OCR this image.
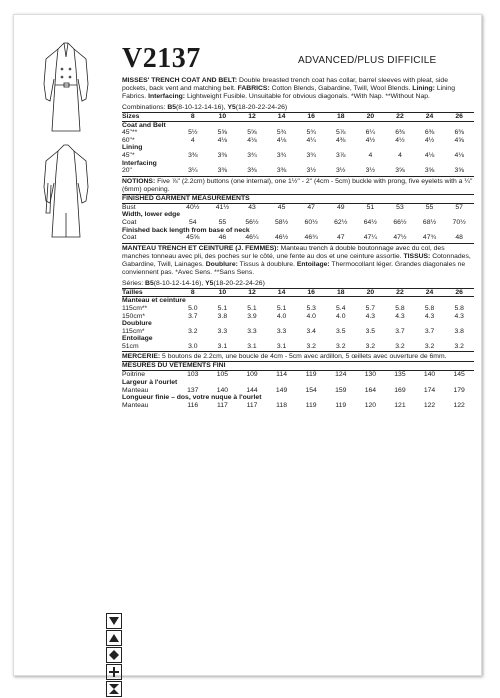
V2137	ADVANCED/PLUS DIFFICILE

MISSES' TRENCH COAT AND BELT: Double breasted trench coat has collar, barrel sleeves with pleat, side pockets, back vent and matching belt. FABRICS: Cotton Blends, Gabardine, Twill, Wool Blends. Lining: Lining Fabrics. Interfacing: Lightweight Fusible. Unsuitable for obvious diagonals. *With Nap. **Without Nap.

Combinations: B5(8-10-12-14-16), Y5(18-20-22-24-26)

Sizes	8	10	12	14	16	18	20	22	24	26
Coat and Belt										
45"**	5½	5⅝	5⅝	5¾	5¾	5⅞	6¼	6⅜	6⅜	6⅜
60"*	4	4⅛	4⅛	4⅛	4¼	4⅜	4½	4½	4½	4⅝
Lining										
45"*	3⅜	3⅜	3¾	3¾	3¾	3⅞	4	4	4⅛	4⅛
Interfacing										
20"	3¼	3⅜	3⅜	3⅜	3½	3½	3½	3⅝	3⅝	3⅝

NOTIONS: Five ⅞" (2.2cm) buttons (one internal), one 1½" - 2" (4cm - 5cm) buckle with prong, five eyelets with a ¼" (6mm) opening.

FINISHED GARMENT MEASUREMENTS
Bust	40½	41½	43	45	47	49	51	53	55	57
Width, lower edge										
Coat	54	55	56½	58½	60½	62½	64½	66½	68½	70½
Finished back length from base of neck										
Coat	45⅝	46	46¼	46½	46¾	47	47¼	47½	47¾	48

MANTEAU TRENCH ET CEINTURE (J. FEMMES): Manteau trench à double boutonnage avec du col, des manches tonneau avec pli, des poches sur le côté, une fente au dos et une ceinture assortie. TISSUS: Cotonnades, Gabardine, Twill, Lainages. Doublure: Tissus à doublure. Entoilage: Thermocollant léger. Grandes diagonales ne conviennent pas. *Avec Sens. **Sans Sens.

Séries: B5(8-10-12-14-16), Y5(18-20-22-24-26)

Tailles	8	10	12	14	16	18	20	22	24	26
Manteau et ceinture										
115cm**	5.0	5.1	5.1	5.1	5.3	5.4	5.7	5.8	5.8	5.8
150cm*	3.7	3.8	3.9	4.0	4.0	4.0	4.3	4.3	4.3	4.3
Doublure										
115cm*	3.2	3.3	3.3	3.3	3.4	3.5	3.5	3.7	3.7	3.8
Entoilage										
51cm	3.0	3.1	3.1	3.1	3.2	3.2	3.2	3.2	3.2	3.2

MERCERIE: 5 boutons de 2.2cm, une boucle de 4cm - 5cm avec ardillon, 5 œillets avec ouverture de 6mm.

MESURES DU VÊTEMENTS FINI
Poitrine	103	105	109	114	119	124	130	135	140	145
Largeur à l'ourlet										
Manteau	137	140	144	149	154	159	164	169	174	179
Longueur finie – dos, votre nuque à l'ourlet										
Manteau	116	117	117	118	119	119	120	121	122	122
